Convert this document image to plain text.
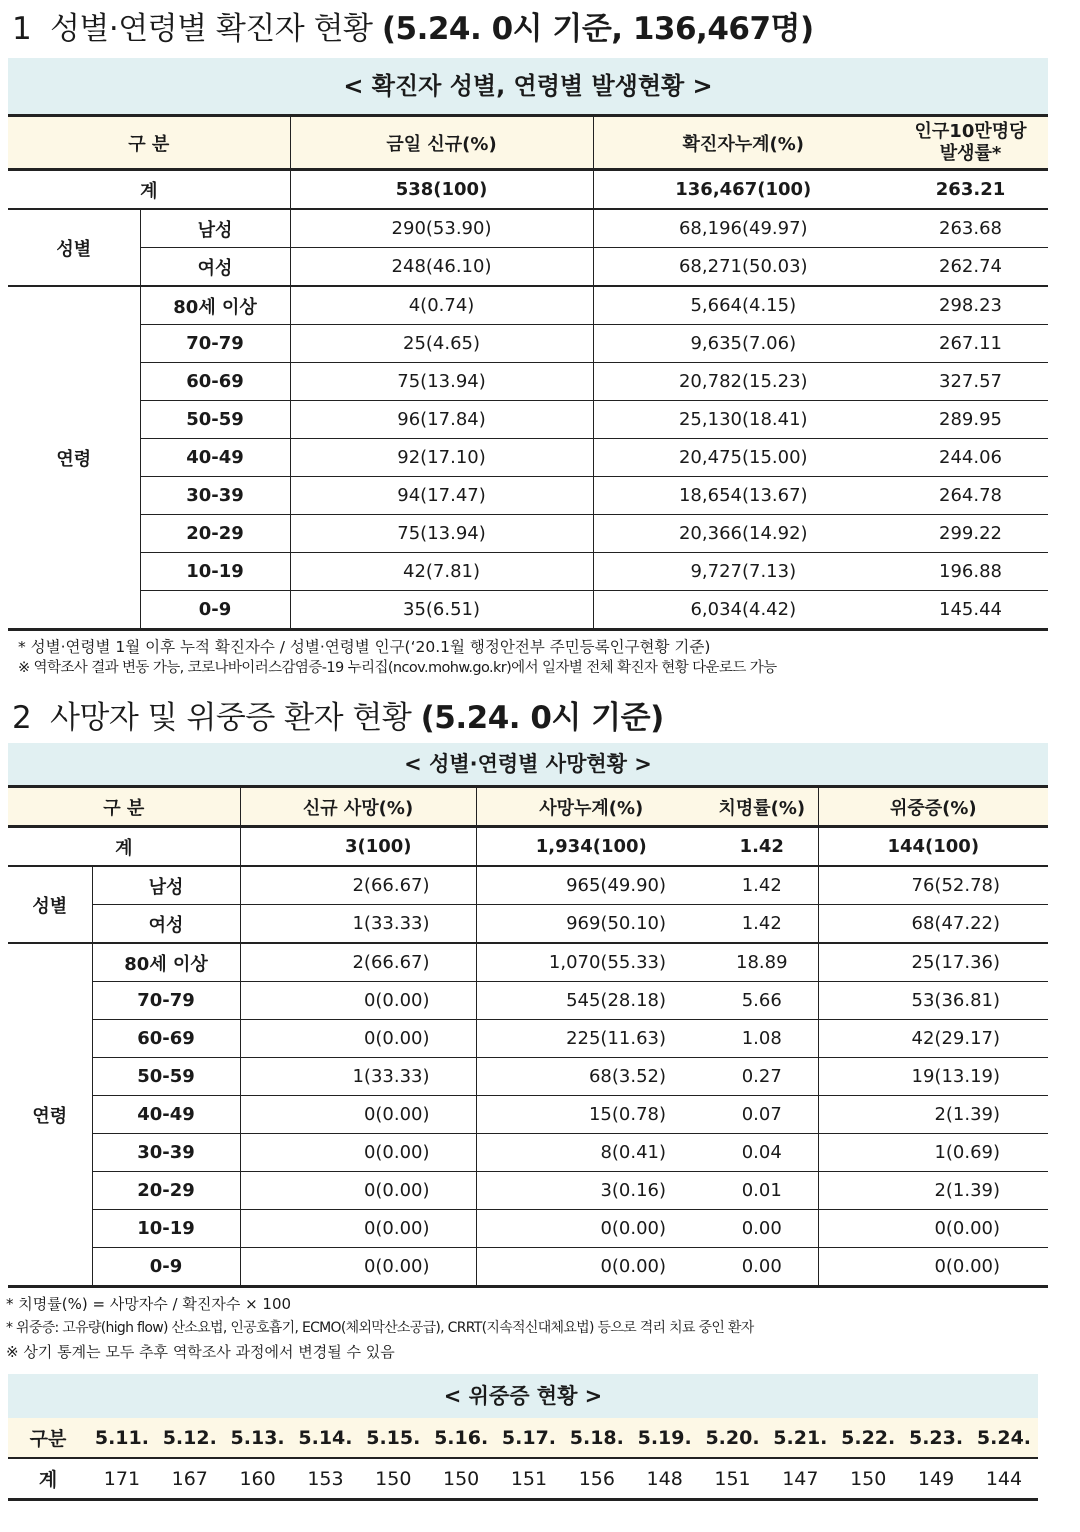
1 성별·연령별 확진자 현황 (5.24. 0시 기준, 136,467명)
< 확진자 성별, 연령별 발생현황 >
구 분		금일 신규(%)	확진자누계(%)	인구10만명당
발생률*

계		538(100)	136,467(100)	263.21
성별	남성	290(53.90)	68,196(49.97)	263.68
	여성	248(46.10)	68,271(50.03)	262.74
연령	80세 이상	4(0.74)	5,664(4.15)	298.23
	70-79	25(4.65)	9,635(7.06)	267.11
	60-69	75(13.94)	20,782(15.23)	327.57
	50-59	96(17.84)	25,130(18.41)	289.95
	40-49	92(17.10)	20,475(15.00)	244.06
	30-39	94(17.47)	18,654(13.67)	264.78
	20-29	75(13.94)	20,366(14.92)	299.22
	10-19	42(7.81)	9,727(7.13)	196.88
	0-9	35(6.51)	6,034(4.42)	145.44
* 성별·연령별 1월 이후 누적 확진자수 / 성별·연령별 인구(‘20.1월 행정안전부 주민등록인구현황 기준)
※ 역학조사 결과 변동 가능, 코로나바이러스감염증-19 누리집(ncov.mohw.go.kr)에서 일자별 전체 확진자 현황 다운로드 가능
2 사망자 및 위중증 환자 현황 (5.24. 0시 기준)
< 성별·연령별 사망현황 >
구 분		신규 사망(%)	사망누계(%)	치명률(%)	위중증(%)
계		3(100)	1,934(100)	1.42	144(100)
성별	남성	2(66.67)	965(49.90)	1.42	76(52.78)
	여성	1(33.33)	969(50.10)	1.42	68(47.22)
연령	80세 이상	2(66.67)	1,070(55.33)	18.89	25(17.36)
	70-79	0(0.00)	545(28.18)	5.66	53(36.81)
	60-69	0(0.00)	225(11.63)	1.08	42(29.17)
	50-59	1(33.33)	68(3.52)	0.27	19(13.19)
	40-49	0(0.00)	15(0.78)	0.07	2(1.39)
	30-39	0(0.00)	8(0.41)	0.04	1(0.69)
	20-29	0(0.00)	3(0.16)	0.01	2(1.39)
	10-19	0(0.00)	0(0.00)	0.00	0(0.00)
	0-9	0(0.00)	0(0.00)	0.00	0(0.00)
* 치명률(%) = 사망자수 / 확진자수 × 100
* 위중증: 고유량(high flow) 산소요법, 인공호흡기, ECMO(체외막산소공급), CRRT(지속적신대체요법) 등으로 격리 치료 중인 환자
※ 상기 통계는 모두 추후 역학조사 과정에서 변경될 수 있음
< 위중증 현황 >
구분	5.11.	5.12.	5.13.	5.14.	5.15.	5.16.	5.17.	5.18.	5.19.	5.20.	5.21.	5.22.	5.23.	5.24.
계	171	167	160	153	150	150	151	156	148	151	147	150	149	144
